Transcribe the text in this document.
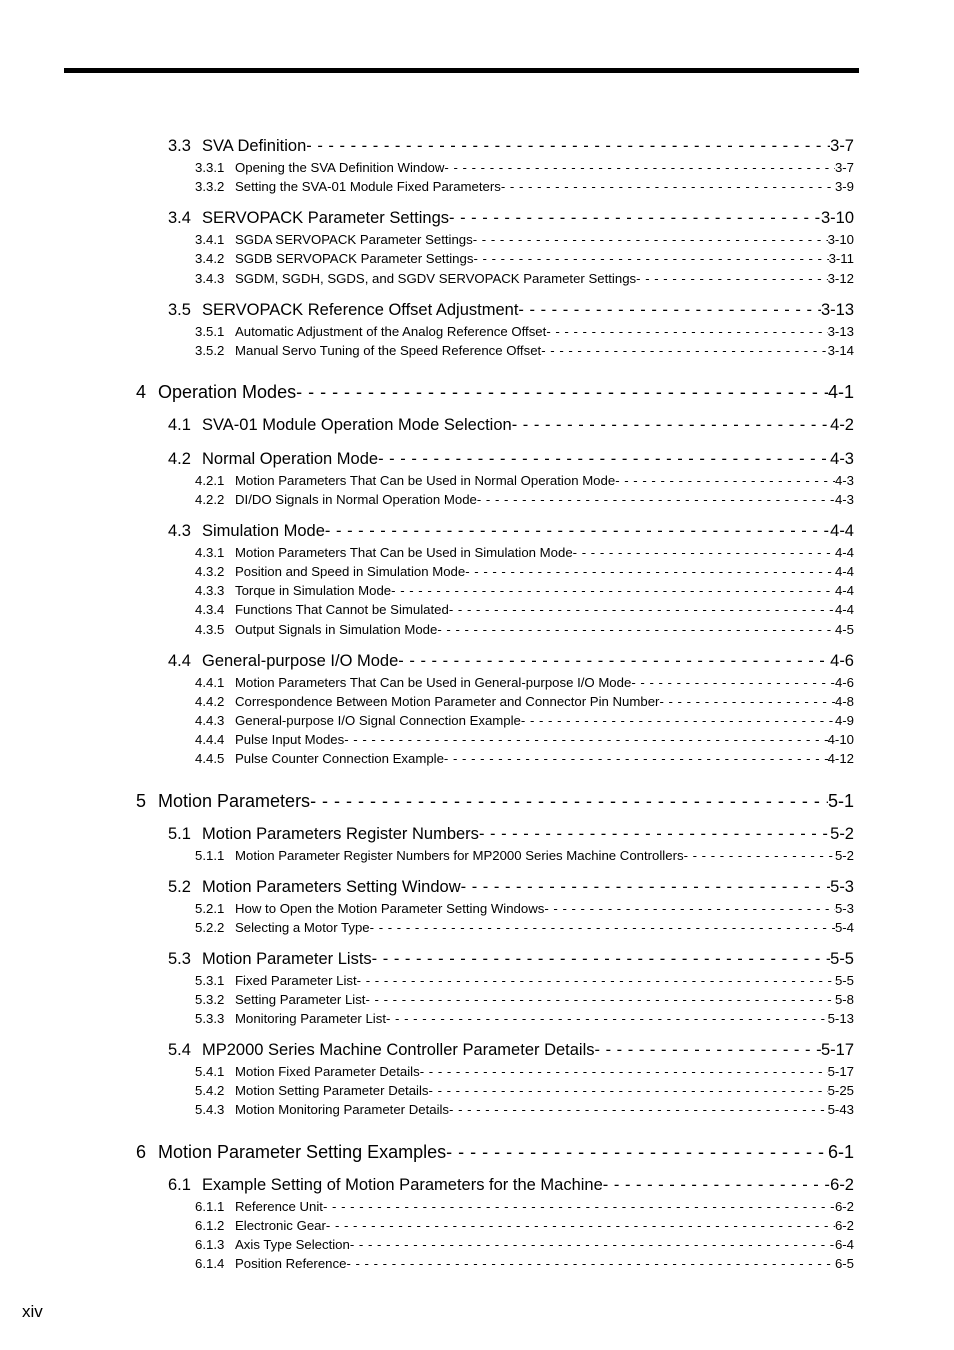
3.3 SVA Definition - - -	3-7
3.3.1 Opening the SVA Definition Window - - -	3-7
3.3.2 Setting the SVA-01 Module Fixed Parameters - - -	3-9
3.4 SERVOPACK Parameter Settings - - -	3-10
3.4.1 SGDA SERVOPACK Parameter Settings - - -	3-10
3.4.2 SGDB SERVOPACK Parameter Settings - - -	3-11
3.4.3 SGDM, SGDH, SGDS, and SGDV SERVOPACK Parameter Settings - - -	3-12
3.5 SERVOPACK Reference Offset Adjustment - - -	3-13
3.5.1 Automatic Adjustment of the Analog Reference Offset - - -	3-13
3.5.2 Manual Servo Tuning of the Speed Reference Offset - - -	3-14
4 Operation Modes - - -	4-1
4.1 SVA-01 Module Operation Mode Selection - - -	4-2
4.2 Normal Operation Mode - - -	4-3
4.2.1 Motion Parameters That Can be Used in Normal Operation Mode - - -	4-3
4.2.2 DI/DO Signals in Normal Operation Mode - - -	4-3
4.3 Simulation Mode - - -	4-4
4.3.1 Motion Parameters That Can be Used in Simulation Mode - - -	4-4
4.3.2 Position and Speed in Simulation Mode - - -	4-4
4.3.3 Torque in Simulation Mode - - -	4-4
4.3.4 Functions That Cannot be Simulated - - -	4-4
4.3.5 Output Signals in Simulation Mode - - -	4-5
4.4 General-purpose I/O Mode - - -	4-6
4.4.1 Motion Parameters That Can be Used in General-purpose I/O Mode - - -	4-6
4.4.2 Correspondence Between Motion Parameter and Connector Pin Number - - -	4-8
4.4.3 General-purpose I/O Signal Connection Example - - -	4-9
4.4.4 Pulse Input Modes - - -	4-10
4.4.5 Pulse Counter Connection Example - - -	4-12
5 Motion Parameters - - -	5-1
5.1 Motion Parameters Register Numbers - - -	5-2
5.1.1 Motion Parameter Register Numbers for MP2000 Series Machine Controllers - - -	5-2
5.2 Motion Parameters Setting Window - - -	5-3
5.2.1 How to Open the Motion Parameter Setting Windows - - -	5-3
5.2.2 Selecting a Motor Type - - -	5-4
5.3 Motion Parameter Lists - - -	5-5
5.3.1 Fixed Parameter List - - -	5-5
5.3.2 Setting Parameter List - - -	5-8
5.3.3 Monitoring Parameter List - - -	5-13
5.4 MP2000 Series Machine Controller Parameter Details - - -	5-17
5.4.1 Motion Fixed Parameter Details - - -	5-17
5.4.2 Motion Setting Parameter Details - - -	5-25
5.4.3 Motion Monitoring Parameter Details - - -	5-43
6 Motion Parameter Setting Examples - - -	6-1
6.1 Example Setting of Motion Parameters for the Machine - - -	6-2
6.1.1 Reference Unit - - -	6-2
6.1.2 Electronic Gear - - -	6-2
6.1.3 Axis Type Selection - - -	6-4
6.1.4 Position Reference - - -	6-5
xiv
